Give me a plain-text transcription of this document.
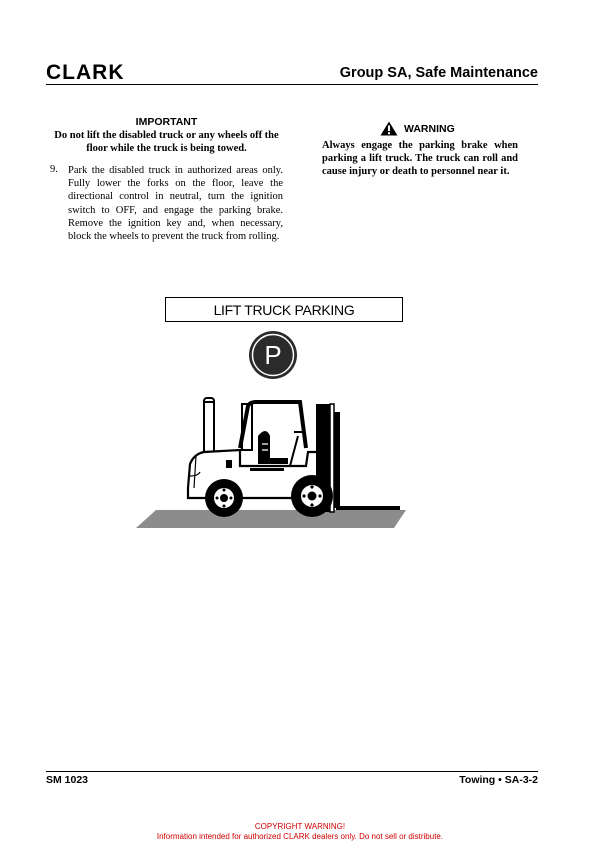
CLARK	Group SA, Safe Maintenance
IMPORTANT
Do not lift the disabled truck or any wheels off the floor while the truck is being towed.
WARNING
Always engage the parking brake when parking a lift truck. The truck can roll and cause injury or death to personnel near it.
9. Park the disabled truck in authorized areas only. Fully lower the forks on the floor, leave the directional control in neutral, turn the ignition switch to OFF, and engage the parking brake. Remove the ignition key and, when necessary, block the wheels to prevent the truck from rolling.
LIFT TRUCK PARKING
P
SM 1023	Towing • SA-3-2
COPYRIGHT WARNING!
Information intended for authorized CLARK dealers only. Do not sell or distribute.
